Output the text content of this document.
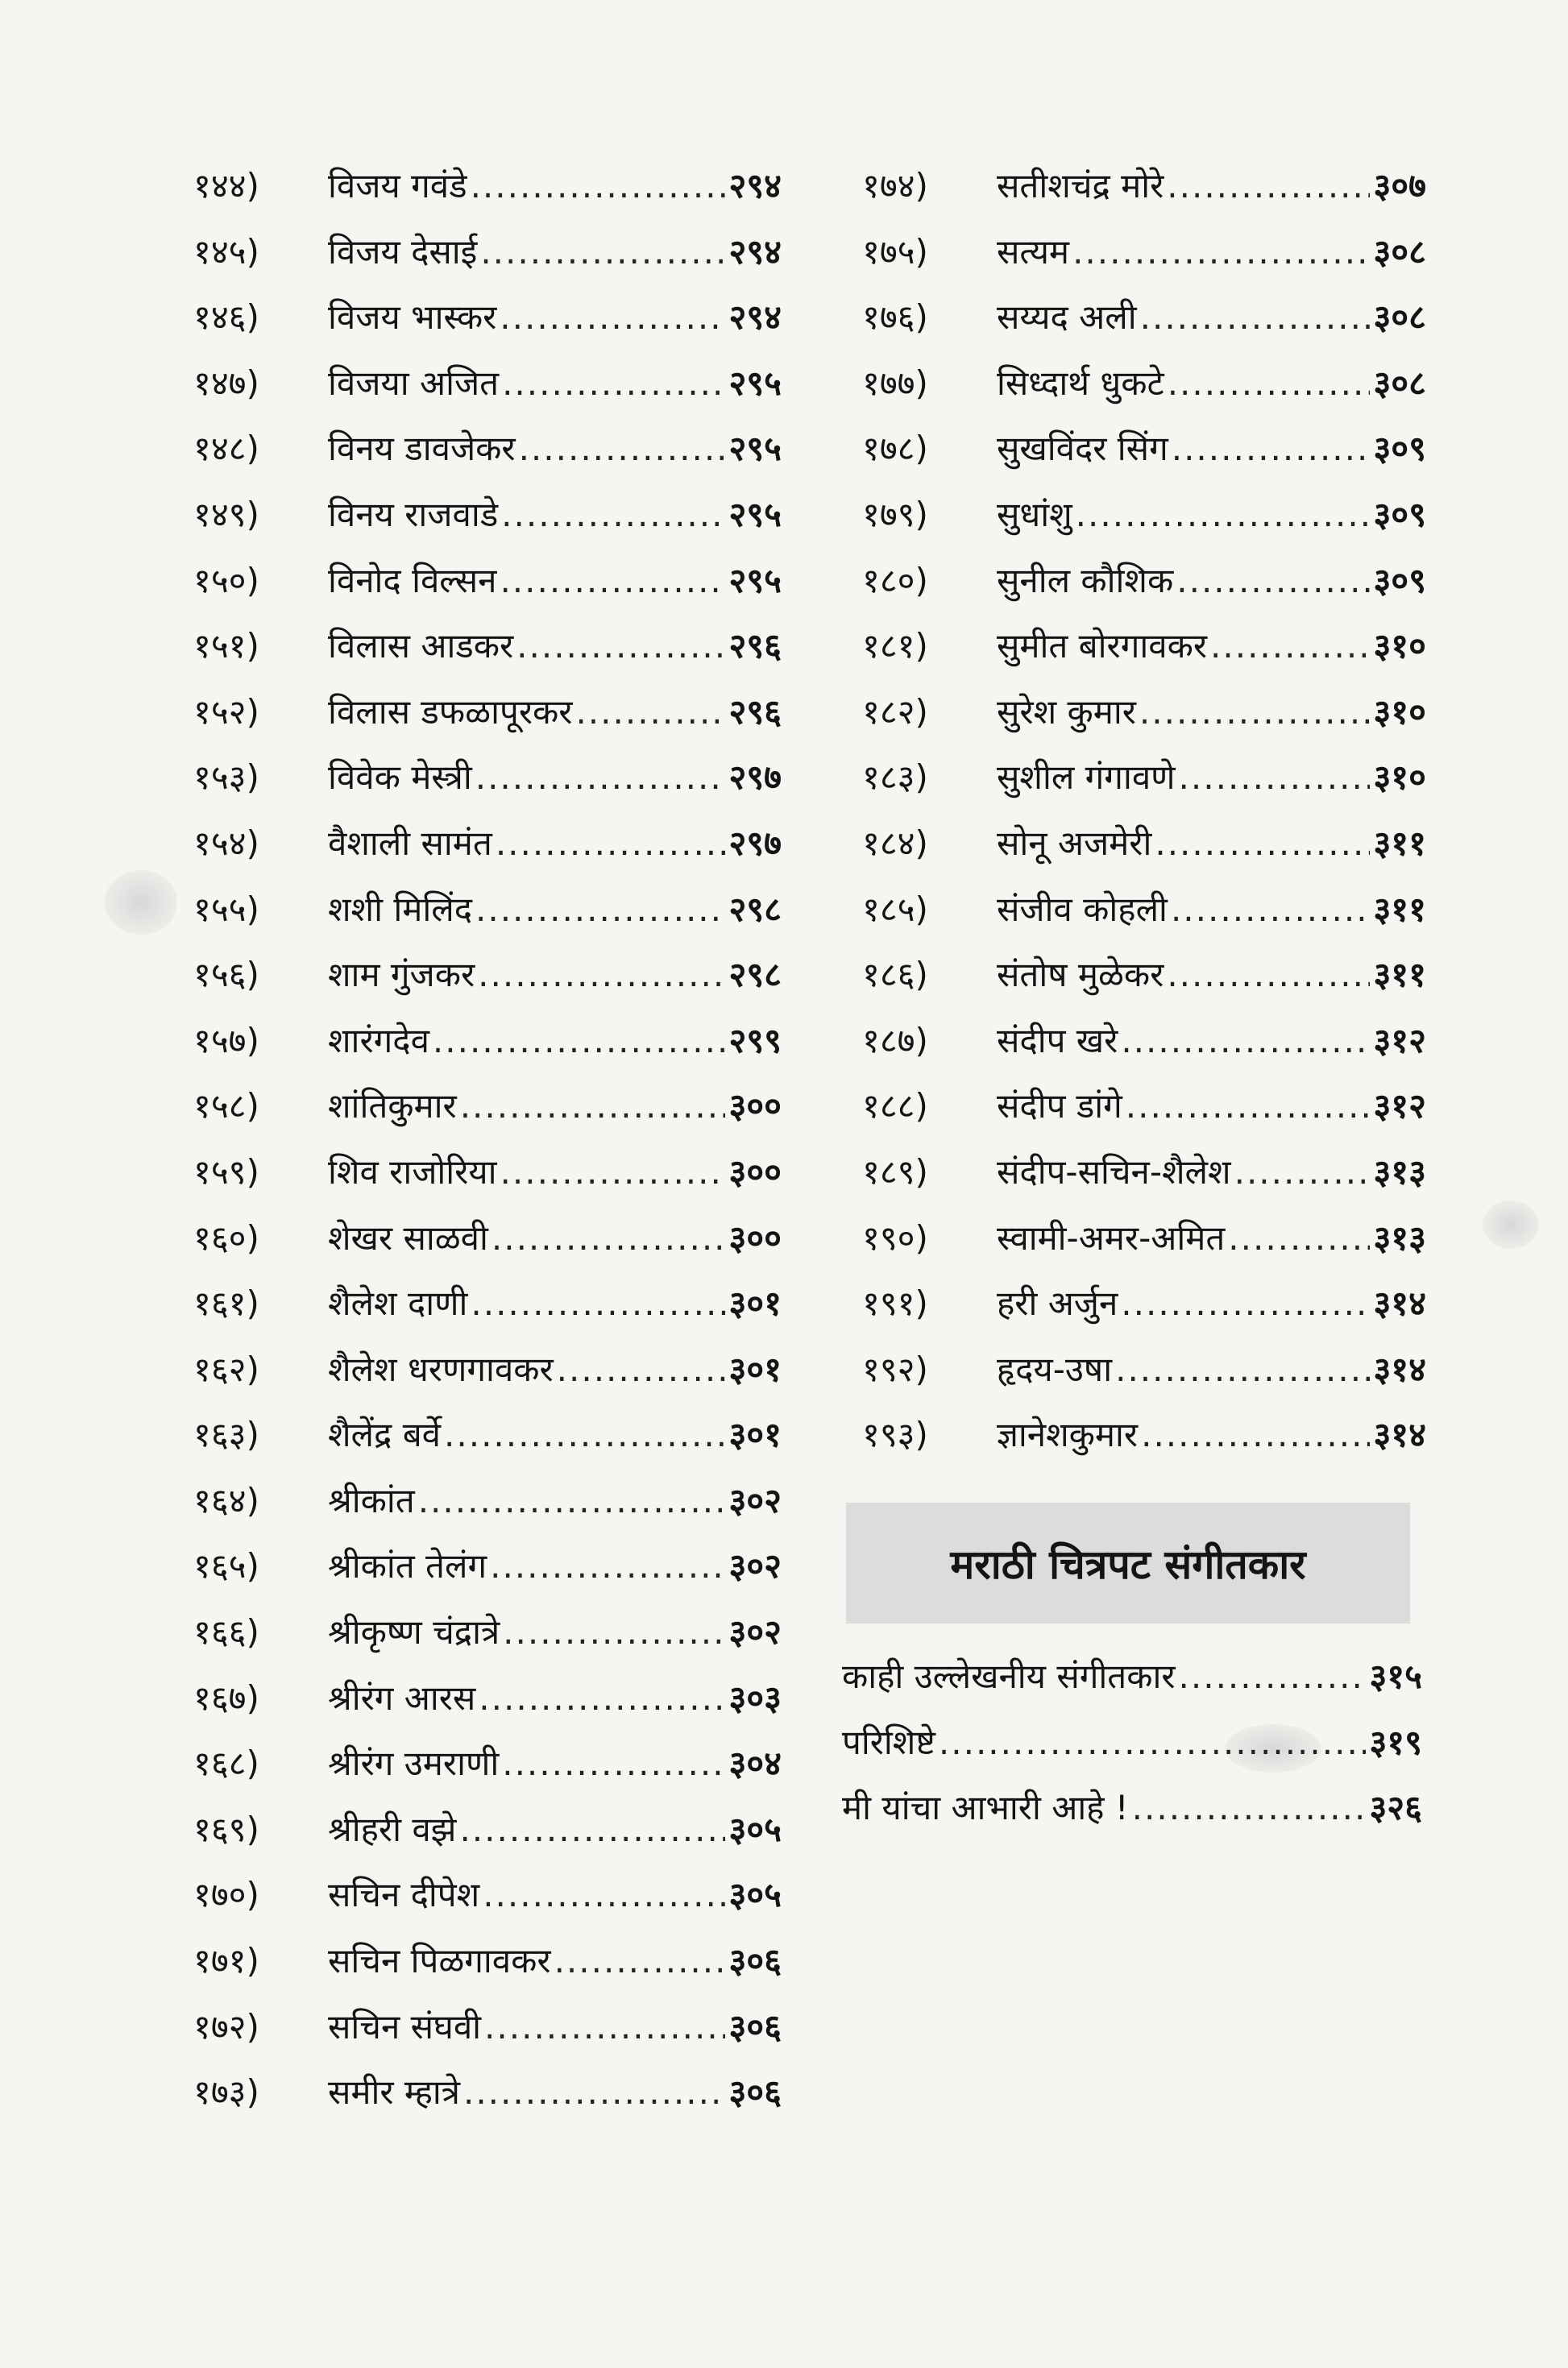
१४४)	विजय गवंडे .....	२९४
१४५)	विजय देसाई .....	२९४
१४६)	विजय भास्कर .....	२९४
१४७)	विजया अजित .....	२९५
१४८)	विनय डावजेकर .....	२९५
१४९)	विनय राजवाडे .....	२९५
१५०)	विनोद विल्सन .....	२९५
१५१)	विलास आडकर .....	२९६
१५२)	विलास डफळापूरकर .....	२९६
१५३)	विवेक मेस्त्री .....	२९७
१५४)	वैशाली सामंत .....	२९७
१५५)	शशी मिलिंद .....	२९८
१५६)	शाम गुंजकर .....	२९८
१५७)	शारंगदेव .....	२९९
१५८)	शांतिकुमार .....	३००
१५९)	शिव राजोरिया .....	३००
१६०)	शेखर साळवी .....	३००
१६१)	शैलेश दाणी .....	३०१
१६२)	शैलेश धरणगावकर .....	३०१
१६३)	शैलेंद्र बर्वे .....	३०१
१६४)	श्रीकांत .....	३०२
१६५)	श्रीकांत तेलंग .....	३०२
१६६)	श्रीकृष्ण चंद्रात्रे .....	३०२
१६७)	श्रीरंग आरस .....	३०३
१६८)	श्रीरंग उमराणी .....	३०४
१६९)	श्रीहरी वझे .....	३०५
१७०)	सचिन दीपेश .....	३०५
१७१)	सचिन पिळगावकर .....	३०६
१७२)	सचिन संघवी .....	३०६
१७३)	समीर म्हात्रे .....	३०६
१७४)	सतीशचंद्र मोरे .....	३०७
१७५)	सत्यम .....	३०८
१७६)	सय्यद अली .....	३०८
१७७)	सिध्दार्थ धुकटे .....	३०८
१७८)	सुखविंदर सिंग .....	३०९
१७९)	सुधांशु .....	३०९
१८०)	सुनील कौशिक .....	३०९
१८१)	सुमीत बोरगावकर .....	३१०
१८२)	सुरेश कुमार .....	३१०
१८३)	सुशील गंगावणे .....	३१०
१८४)	सोनू अजमेरी .....	३११
१८५)	संजीव कोहली .....	३११
१८६)	संतोष मुळेकर .....	३११
१८७)	संदीप खरे .....	३१२
१८८)	संदीप डांगे .....	३१२
१८९)	संदीप-सचिन-शैलेश .....	३१३
१९०)	स्वामी-अमर-अमित .....	३१३
१९१)	हरी अर्जुन .....	३१४
१९२)	हृदय-उषा .....	३१४
१९३)	ज्ञानेशकुमार .....	३१४
मराठी चित्रपट संगीतकार
काही उल्लेखनीय संगीतकार .....	३१५
परिशिष्टे .....	३१९
मी यांचा आभारी आहे ! .....	३२६
